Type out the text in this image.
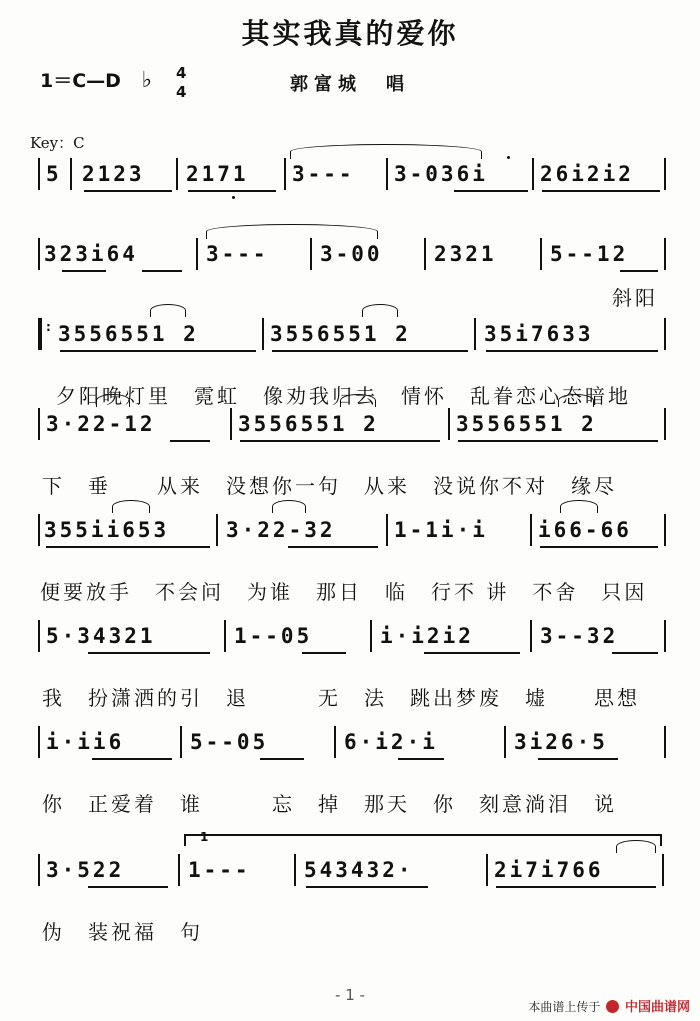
其实我真的爱你
1＝C—D ♭ 4
4	郭富城　唱
Key：C
5 2123 2171 3--- 3-036i 26i2i2
323i64	3--- 3-00 2321	5--12
斜阳
: 3556551 2	3556551 2	35i7633
夕阳晚灯里　霓虹　像劝我归去　情怀　乱眷恋心态暗地
3·22-12	3556551 2	3556551 2
下　垂　　从来　没想你一句　从来　没说你不对　缘尽
355ii653	3·22-32	1-1i·i i66-66
便要放手　不会问　为谁　那日　临　行不 讲　不舍　只因
5·34321	1--05	i·i2i2	3--32
我　扮潇洒的引　退　　　无　法　跳出梦废　墟　　思想
i·ii6	5--05	6·i2·i	3i26·5
你　正爱着　谁　　　忘　掉　那天　你　刻意淌泪　说
1
3·522	1---	543432·	2i7i766
伪　装祝福　句
- 1 -
本曲谱上传于 中国曲谱网
